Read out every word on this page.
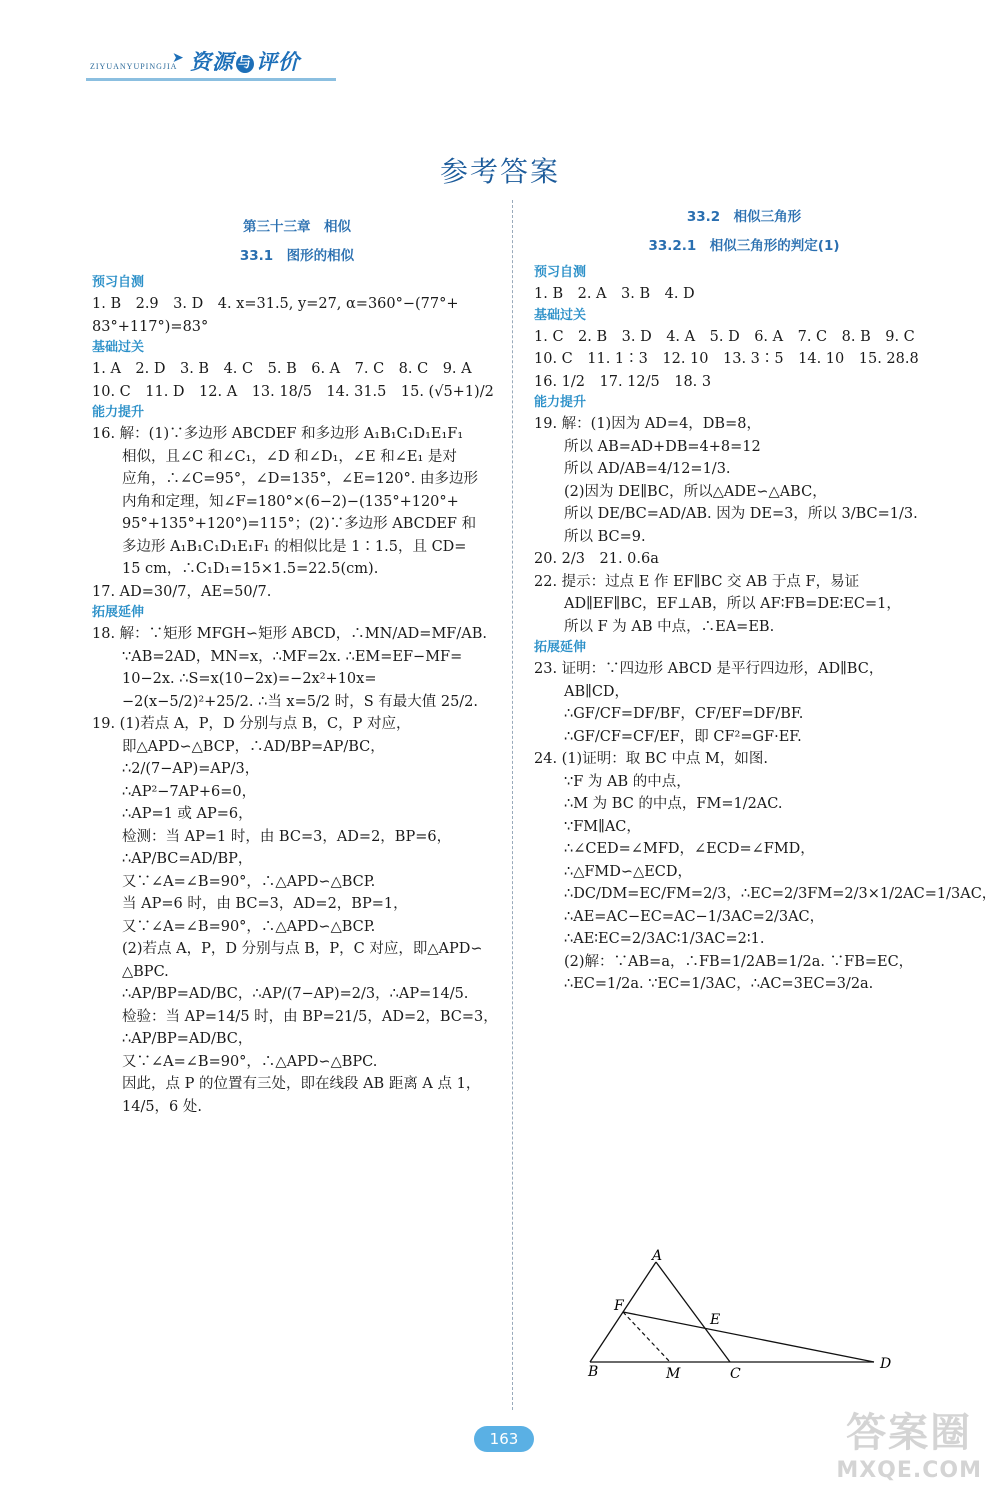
ZIYUANYUPINGJIA
➤ 资源 与 评价
参考答案

第三十三章　相似

33.1　图形的相似

预习自测

1. B　2.9　3. D　4. x=31.5, y=27, α=360°−(77°+

83°+117°)=83°

基础过关

1. A　2. D　3. B　4. C　5. B　6. A　7. C　8. C　9. A

10. C　11. D　12. A　13. 18/5　14. 31.5　15. (√5+1)/2

能力提升

16. 解：(1)∵多边形 ABCDEF 和多边形 A₁B₁C₁D₁E₁F₁

相似，且∠C 和∠C₁，∠D 和∠D₁，∠E 和∠E₁ 是对

应角，∴∠C=95°，∠D=135°，∠E=120°. 由多边形

内角和定理，知∠F=180°×(6−2)−(135°+120°+

95°+135°+120°)=115°；(2)∵多边形 ABCDEF 和

多边形 A₁B₁C₁D₁E₁F₁ 的相似比是 1∶1.5，且 CD=

15 cm，∴C₁D₁=15×1.5=22.5(cm).

17. AD=30/7，AE=50/7.

拓展延伸

18. 解：∵矩形 MFGH∽矩形 ABCD，∴MN/AD=MF/AB.

∵AB=2AD，MN=x，∴MF=2x. ∴EM=EF−MF=

10−2x. ∴S=x(10−2x)=−2x²+10x=

−2(x−5/2)²+25/2. ∴当 x=5/2 时，S 有最大值 25/2.

19. (1)若点 A，P，D 分别与点 B，C，P 对应，

即△APD∽△BCP，∴AD/BP=AP/BC，

∴2/(7−AP)=AP/3，

∴AP²−7AP+6=0，

∴AP=1 或 AP=6，

检测：当 AP=1 时，由 BC=3，AD=2，BP=6，

∴AP/BC=AD/BP，

又∵∠A=∠B=90°，∴△APD∽△BCP.

当 AP=6 时，由 BC=3，AD=2，BP=1，

又∵∠A=∠B=90°，∴△APD∽△BCP.

(2)若点 A，P，D 分别与点 B，P，C 对应，即△APD∽

△BPC.

∴AP/BP=AD/BC，∴AP/(7−AP)=2/3，∴AP=14/5.

检验：当 AP=14/5 时，由 BP=21/5，AD=2，BC=3，

∴AP/BP=AD/BC，

又∵∠A=∠B=90°，∴△APD∽△BPC.

因此，点 P 的位置有三处，即在线段 AB 距离 A 点 1，

14/5，6 处.

33.2　相似三角形

33.2.1　相似三角形的判定(1)

预习自测

1. B　2. A　3. B　4. D

基础过关

1. C　2. B　3. D　4. A　5. D　6. A　7. C　8. B　9. C

10. C　11. 1∶3　12. 10　13. 3∶5　14. 10　15. 28.8

16. 1/2　17. 12/5　18. 3

能力提升

19. 解：(1)因为 AD=4，DB=8，

所以 AB=AD+DB=4+8=12

所以 AD/AB=4/12=1/3.

(2)因为 DE∥BC，所以△ADE∽△ABC，

所以 DE/BC=AD/AB. 因为 DE=3，所以 3/BC=1/3.

所以 BC=9.

20. 2/3　21. 0.6a

22. 提示：过点 E 作 EF∥BC 交 AB 于点 F，易证

AD∥EF∥BC，EF⊥AB，所以 AF∶FB=DE∶EC=1，

所以 F 为 AB 中点，∴EA=EB.

拓展延伸

23. 证明：∵四边形 ABCD 是平行四边形，AD∥BC，

AB∥CD，

∴GF/CF=DF/BF，CF/EF=DF/BF.

∴GF/CF=CF/EF，即 CF²=GF·EF.

24. (1)证明：取 BC 中点 M，如图.

∵F 为 AB 的中点，

∴M 为 BC 的中点，FM=1/2AC.

∵FM∥AC，

∴∠CED=∠MFD，∠ECD=∠FMD，

∴△FMD∽△ECD，

∴DC/DM=EC/FM=2/3，∴EC=2/3FM=2/3×1/2AC=1/3AC，

∴AE=AC−EC=AC−1/3AC=2/3AC，

∴AE∶EC=2/3AC∶1/3AC=2∶1.

(2)解：∵AB=a，∴FB=1/2AB=1/2a. ∵FB=EC，

∴EC=1/2a. ∵EC=1/3AC，∴AC=3EC=3/2a.

A
B	C
D
E
F
M
163	答案圈
MXQE.COM
